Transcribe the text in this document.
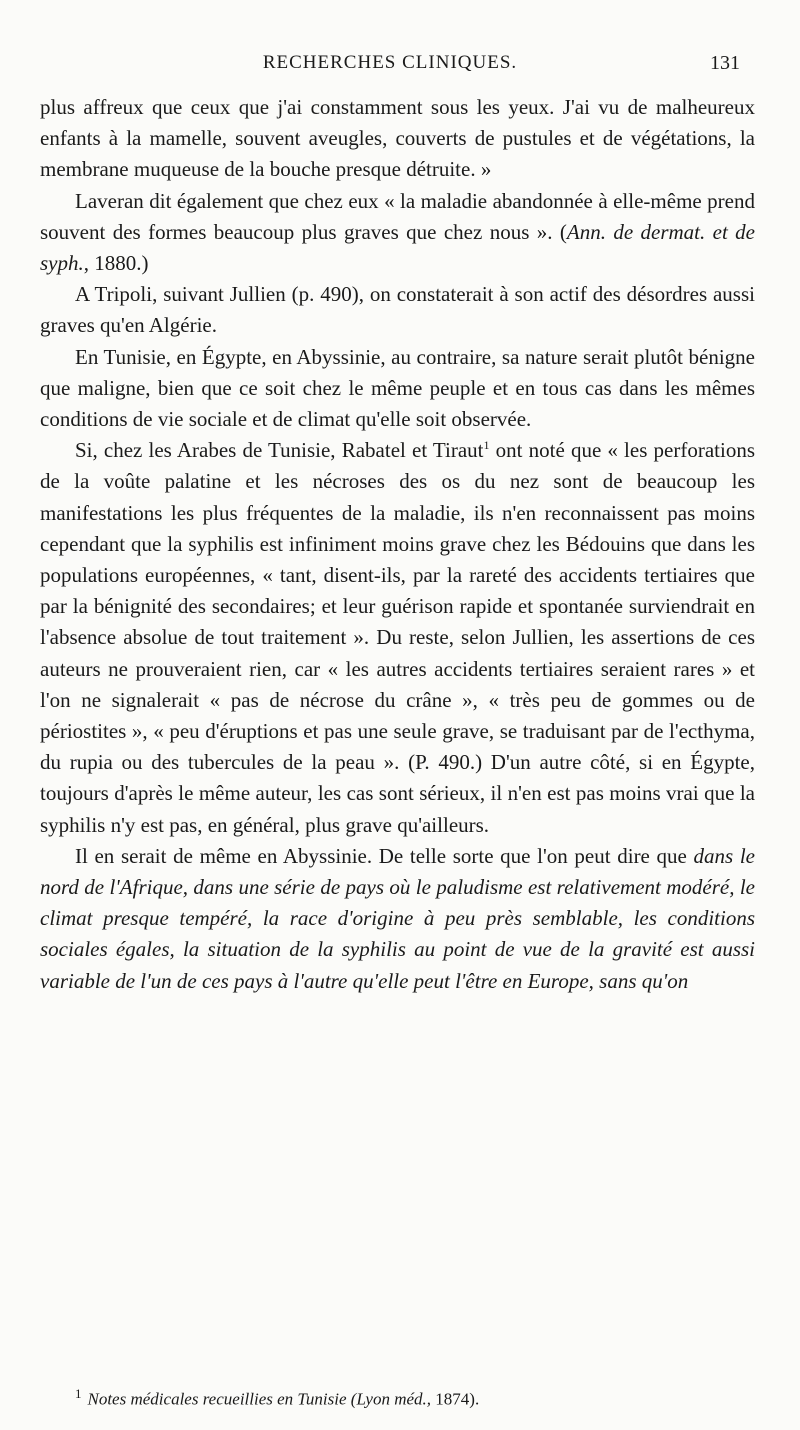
RECHERCHES CLINIQUES.	131

plus affreux que ceux que j'ai constamment sous les yeux. J'ai vu de malheureux enfants à la mamelle, souvent aveugles, couverts de pustules et de végétations, la membrane muqueuse de la bouche presque détruite. »

Laveran dit également que chez eux « la maladie abandonnée à elle-même prend souvent des formes beaucoup plus graves que chez nous ». (Ann. de dermat. et de syph., 1880.)

A Tripoli, suivant Jullien (p. 490), on constaterait à son actif des désordres aussi graves qu'en Algérie.

En Tunisie, en Égypte, en Abyssinie, au contraire, sa nature serait plutôt bénigne que maligne, bien que ce soit chez le même peuple et en tous cas dans les mêmes conditions de vie sociale et de climat qu'elle soit observée.

Si, chez les Arabes de Tunisie, Rabatel et Tiraut$^1$ ont noté que « les perforations de la voûte palatine et les nécroses des os du nez sont de beaucoup les manifestations les plus fréquentes de la maladie, ils n'en reconnaissent pas moins cependant que la syphilis est infiniment moins grave chez les Bédouins que dans les populations européennes, « tant, disent-ils, par la rareté des accidents tertiaires que par la bénignité des secondaires; et leur guérison rapide et spontanée surviendrait en l'absence absolue de tout traitement ». Du reste, selon Jullien, les assertions de ces auteurs ne prouveraient rien, car « les autres accidents tertiaires seraient rares » et l'on ne signalerait « pas de nécrose du crâne », « très peu de gommes ou de périostites », « peu d'éruptions et pas une seule grave, se traduisant par de l'ecthyma, du rupia ou des tubercules de la peau ». (P. 490.) D'un autre côté, si en Égypte, toujours d'après le même auteur, les cas sont sérieux, il n'en est pas moins vrai que la syphilis n'y est pas, en général, plus grave qu'ailleurs.

Il en serait de même en Abyssinie. De telle sorte que l'on peut dire que dans le nord de l'Afrique, dans une série de pays où le paludisme est relativement modéré, le climat presque tempéré, la race d'origine à peu près semblable, les conditions sociales égales, la situation de la syphilis au point de vue de la gravité est aussi variable de l'un de ces pays à l'autre qu'elle peut l'être en Europe, sans qu'on

$^1$ Notes médicales recueillies en Tunisie (Lyon méd., 1874).
